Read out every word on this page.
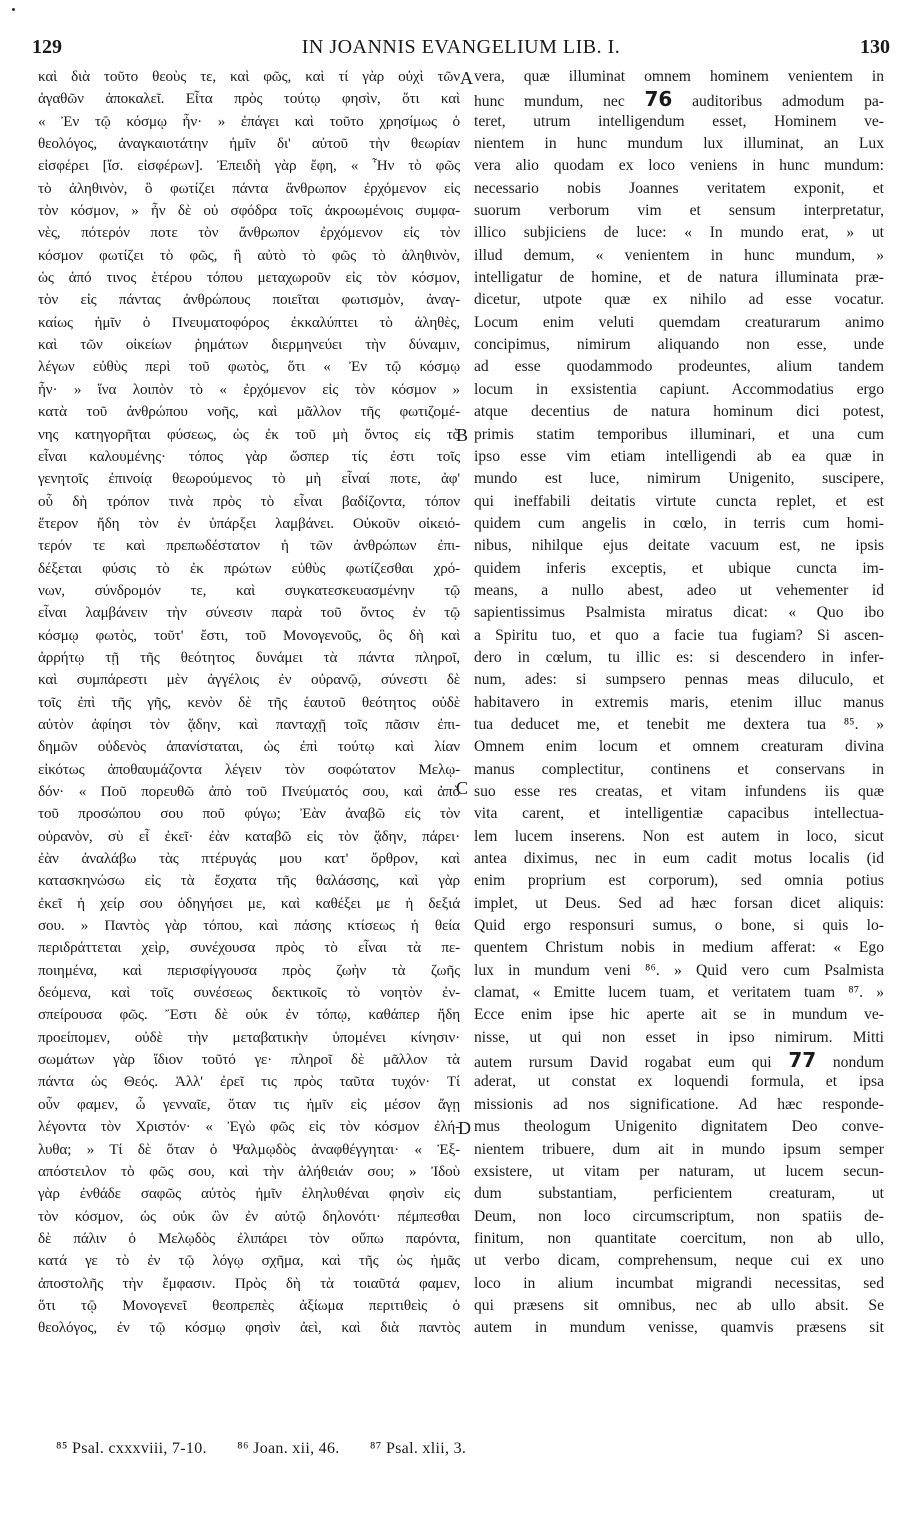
IN JOANNIS EVANGELIUM LIB. I.
129	130
καὶ διὰ τοῦτο θεοὺς τε, καὶ φῶς, καὶ τί γὰρ οὐχὶ τῶν
ἀγαθῶν ἀποκαλεῖ. Εἶτα πρὸς τούτῳ φησὶν, ὅτι καὶ
« Ἐν τῷ κόσμῳ ἦν· » ἐπάγει καὶ τοῦτο χρησίμως ὁ
θεολόγος, ἀναγκαιοτάτην ἡμῖν δι' αὐτοῦ τὴν θεωρίαν
εἰσφέρει [ἴσ. εἰσφέρων]. Ἐπειδὴ γὰρ ἔφη, « Ἦν τὸ φῶς
τὸ ἀληθινὸν, ὃ φωτίζει πάντα ἄνθρωπον ἐρχόμενον εἰς
τὸν κόσμον, » ἦν δὲ οὐ σφόδρα τοῖς ἀκροωμένοις συμφα-
νὲς, πότερόν ποτε τὸν ἄνθρωπον ἐρχόμενον εἰς τὸν
κόσμον φωτίζει τὸ φῶς, ἢ αὐτὸ τὸ φῶς τὸ ἀληθινὸν,
ὡς ἀπό τινος ἑτέρου τόπου μεταχωροῦν εἰς τὸν κόσμον,
τὸν εἰς πάντας ἀνθρώπους ποιεῖται φωτισμὸν, ἀναγ-
καίως ἡμῖν ὁ Πνευματοφόρος ἐκκαλύπτει τὸ ἀληθὲς,
καὶ τῶν οἰκείων ῥημάτων διερμηνεύει τὴν δύναμιν,
λέγων εὐθὺς περὶ τοῦ φωτὸς, ὅτι « Ἐν τῷ κόσμῳ
ἦν· » ἵνα λοιπὸν τὸ « ἐρχόμενον εἰς τὸν κόσμον »
κατὰ τοῦ ἀνθρώπου νοῆς, καὶ μᾶλλον τῆς φωτιζομέ-
νης κατηγορῆται φύσεως, ὡς ἐκ τοῦ μὴ ὄντος εἰς τὸ
εἶναι καλουμένης· τόπος γὰρ ὥσπερ τίς ἐστι τοῖς
γενητοῖς ἐπινοίᾳ θεωρούμενος τὸ μὴ εἶναί ποτε, ἀφ'
οὗ δὴ τρόπον τινὰ πρὸς τὸ εἶναι βαδίζοντα, τόπον
ἕτερον ἤδη τὸν ἐν ὑπάρξει λαμβάνει. Οὐκοῦν οἰκειό-
τερόν τε καὶ πρεπωδέστατον ἡ τῶν ἀνθρώπων ἐπι-
δέξεται φύσις τὸ ἐκ πρώτων εὐθὺς φωτίζεσθαι χρό-
νων, σύνδρομόν τε, καὶ συγκατεσκευασμένην τῷ
εἶναι λαμβάνειν τὴν σύνεσιν παρὰ τοῦ ὄντος ἐν τῷ
κόσμῳ φωτὸς, τοῦτ' ἔστι, τοῦ Μονογενοῦς, ὃς δὴ καὶ
ἀρρήτῳ τῇ τῆς θεότητος δυνάμει τὰ πάντα πληροῖ,
καὶ συμπάρεστι μὲν ἀγγέλοις ἐν οὐρανῷ, σύνεστι δὲ
τοῖς ἐπὶ τῆς γῆς, κενὸν δὲ τῆς ἑαυτοῦ θεότητος οὐδὲ
αὐτὸν ἀφίησι τὸν ᾅδην, καὶ πανταχῇ τοῖς πᾶσιν ἐπι-
δημῶν οὐδενὸς ἀπανίσταται, ὡς ἐπὶ τούτῳ καὶ λίαν
εἰκότως ἀποθαυμάζοντα λέγειν τὸν σοφώτατον Μελῳ-
δόν· « Ποῦ πορευθῶ ἀπὸ τοῦ Πνεύματός σου, καὶ ἀπὸ
τοῦ προσώπου σου ποῦ φύγω; Ἐὰν ἀναβῶ εἰς τὸν
οὐρανὸν, σὺ εἶ ἐκεῖ· ἐὰν καταβῶ εἰς τὸν ᾅδην, πάρει·
ἐὰν ἀναλάβω τὰς πτέρυγάς μου κατ' ὄρθρον, καὶ
κατασκηνώσω εἰς τὰ ἔσχατα τῆς θαλάσσης, καὶ γὰρ
ἐκεῖ ἡ χείρ σου ὁδηγήσει με, καὶ καθέξει με ἡ δεξιά
σου. » Παντὸς γὰρ τόπου, καὶ πάσης κτίσεως ἡ θεία
περιδράττεται χεὶρ, συνέχουσα πρὸς τὸ εἶναι τὰ πε-
ποιημένα, καὶ περισφίγγουσα πρὸς ζωὴν τὰ ζωῆς
δεόμενα, καὶ τοῖς συνέσεως δεκτικοῖς τὸ νοητὸν ἐν-
σπείρουσα φῶς. Ἔστι δὲ οὐκ ἐν τόπῳ, καθάπερ ἤδη
προείπομεν, οὐδὲ τὴν μεταβατικὴν ὑπομένει κίνησιν·
σωμάτων γὰρ ἴδιον τοῦτό γε· πληροῖ δὲ μᾶλλον τὰ
πάντα ὡς Θεός. Ἀλλ' ἐρεῖ τις πρὸς ταῦτα τυχόν· Τί
οὖν φαμεν, ὦ γενναῖε, ὅταν τις ἡμῖν εἰς μέσον ἄγῃ
λέγοντα τὸν Χριστόν· « Ἐγὼ φῶς εἰς τὸν κόσμον ἐλή-
λυθα; » Τί δὲ ὅταν ὁ Ψαλμῳδὸς ἀναφθέγγηται· « Ἐξ-
απόστειλον τὸ φῶς σου, καὶ τὴν ἀλήθειάν σου; » Ἰδοὺ
γὰρ ἐνθάδε σαφῶς αὐτὸς ἡμῖν ἐληλυθέναι φησὶν εἰς
τὸν κόσμον, ὡς οὐκ ὢν ἐν αὐτῷ δηλονότι· πέμπεσθαι
δὲ πάλιν ὁ Μελῳδὸς ἐλιπάρει τὸν οὔπω παρόντα,
κατά γε τὸ ἐν τῷ λόγῳ σχῆμα, καὶ τῆς ὡς ἡμᾶς
ἀποστολῆς τὴν ἔμφασιν. Πρὸς δὴ τὰ τοιαῦτά φαμεν,
ὅτι τῷ Μονογενεῖ θεοπρεπὲς ἀξίωμα περιτιθεὶς ὁ
θεολόγος, ἐν τῷ κόσμῳ φησὶν ἀεὶ, καὶ διὰ παντὸς
A
B
C
D
vera, quæ illuminat omnem hominem venientem in
hunc mundum, nec 76 auditoribus admodum pa-
teret, utrum intelligendum esset, Hominem ve-
nientem in hunc mundum lux illuminat, an Lux
vera alio quodam ex loco veniens in hunc mundum:
necessario nobis Joannes veritatem exponit, et
suorum verborum vim et sensum interpretatur,
illico subjiciens de luce: « In mundo erat, » ut
illud demum, « venientem in hunc mundum, »
intelligatur de homine, et de natura illuminata præ-
dicetur, utpote quæ ex nihilo ad esse vocatur.
Locum enim veluti quemdam creaturarum animo
concipimus, nimirum aliquando non esse, unde
ad esse quodammodo prodeuntes, alium tandem
locum in exsistentia capiunt. Accommodatius ergo
atque decentius de natura hominum dici potest,
primis statim temporibus illuminari, et una cum
ipso esse vim etiam intelligendi ab ea quæ in
mundo est luce, nimirum Unigenito, suscipere,
qui ineffabili deitatis virtute cuncta replet, et est
quidem cum angelis in cœlo, in terris cum homi-
nibus, nihilque ejus deitate vacuum est, ne ipsis
quidem inferis exceptis, et ubique cuncta im-
means, a nullo abest, adeo ut vehementer id
sapientissimus Psalmista miratus dicat: « Quo ibo
a Spiritu tuo, et quo a facie tua fugiam? Si ascen-
dero in cœlum, tu illic es: si descendero in infer-
num, ades: si sumpsero pennas meas diluculo, et
habitavero in extremis maris, etenim illuc manus
tua deducet me, et tenebit me dextera tua ⁸⁵. »
Omnem enim locum et omnem creaturam divina
manus complectitur, continens et conservans in
suo esse res creatas, et vitam infundens iis quæ
vita carent, et intelligentiæ capacibus intellectua-
lem lucem inserens. Non est autem in loco, sicut
antea diximus, nec in eum cadit motus localis (id
enim proprium est corporum), sed omnia potius
implet, ut Deus. Sed ad hæc forsan dicet aliquis:
Quid ergo responsuri sumus, o bone, si quis lo-
quentem Christum nobis in medium afferat: « Ego
lux in mundum veni ⁸⁶. » Quid vero cum Psalmista
clamat, « Emitte lucem tuam, et veritatem tuam ⁸⁷. »
Ecce enim ipse hic aperte ait se in mundum ve-
nisse, ut qui non esset in ipso nimirum. Mitti
autem rursum David rogabat eum qui 77 nondum
aderat, ut constat ex loquendi formula, et ipsa
missionis ad nos significatione. Ad hæc responde-
mus theologum Unigenito dignitatem Deo conve-
nientem tribuere, dum ait in mundo ipsum semper
exsistere, ut vitam per naturam, ut lucem secun-
dum substantiam, perficientem creaturam, ut
Deum, non loco circumscriptum, non spatiis de-
finitum, non quantitate coercitum, non ab ullo,
ut verbo dicam, comprehensum, neque cui ex uno
loco in alium incumbat migrandi necessitas, sed
qui præsens sit omnibus, nec ab ullo absit. Se
autem in mundum venisse, quamvis præsens sit
⁸⁵ Psal. cxxxviii, 7-10. ⁸⁶ Joan. xii, 46. ⁸⁷ Psal. xlii, 3.
